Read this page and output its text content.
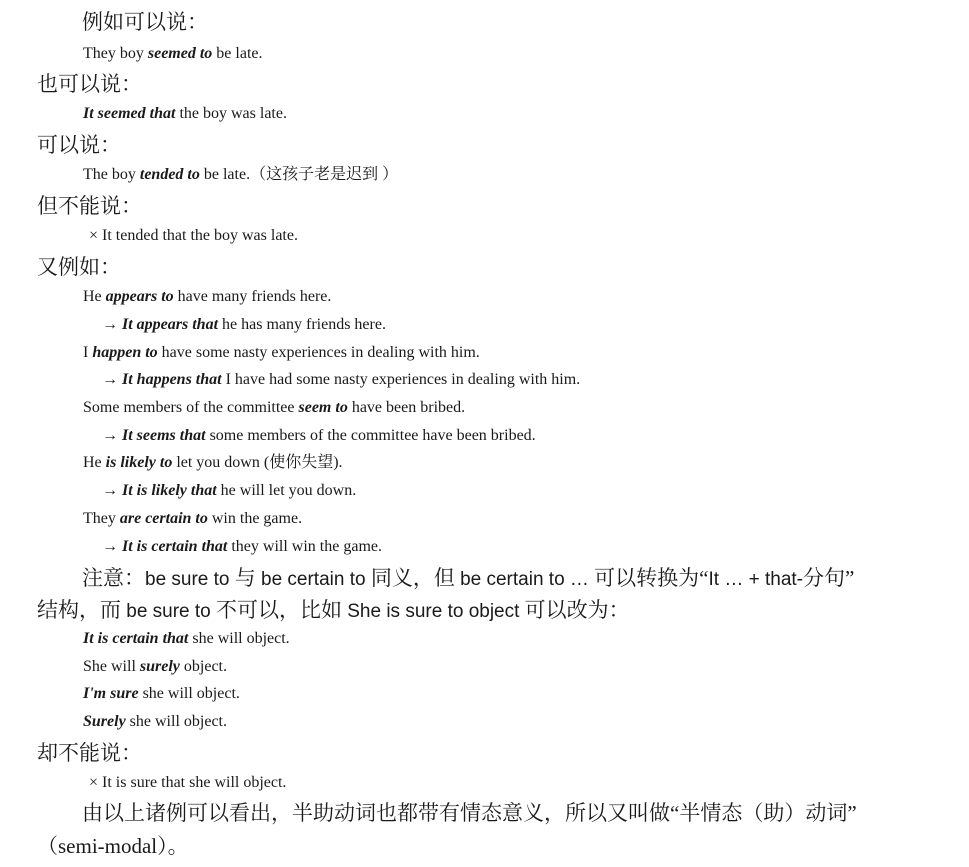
例如可以说：
They boy seemed to be late.
也可以说：
It seemed that the boy was late.
可以说：
The boy tended to be late.（这孩子老是迟到 ）
但不能说：
× It tended that the boy was late.
又例如：
He appears to have many friends here.
→ It appears that he has many friends here.
I happen to have some nasty experiences in dealing with him.
→ It happens that I have had some nasty experiences in dealing with him.
Some members of the committee seem to have been bribed.
→ It seems that some members of the committee have been bribed.
He is likely to let you down (使你失望).
→ It is likely that he will let you down.
They are certain to win the game.
→ It is certain that they will win the game.
注意：be sure to 与 be certain to 同义，但 be certain to … 可以转换为“It … + that-分句”
结构，而 be sure to 不可以，比如 She is sure to object 可以改为：
It is certain that she will object.
She will surely object.
I'm sure she will object.
Surely she will object.
却不能说：
× It is sure that she will object.
由以上诸例可以看出，半助动词也都带有情态意义，所以又叫做“半情态（助）动词”
（semi-modal）。
